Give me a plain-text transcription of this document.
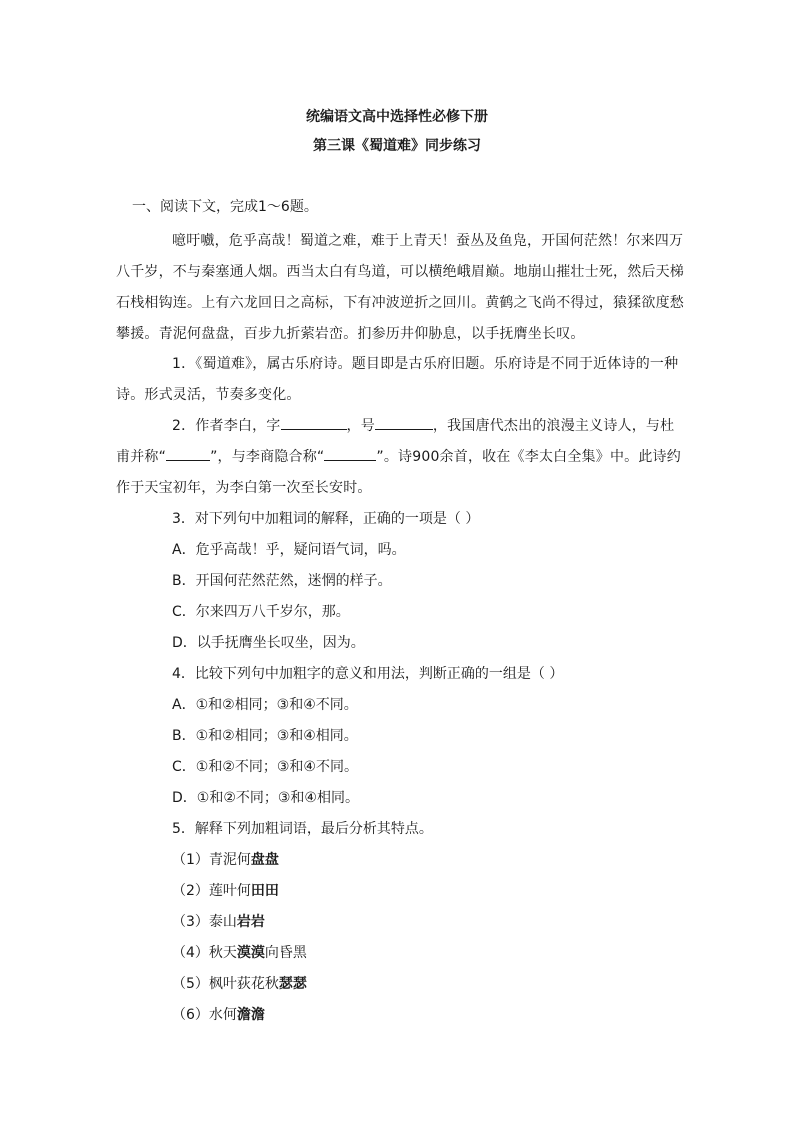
统编语文高中选择性必修下册
第三课《蜀道难》同步练习
一、阅读下文，完成1～6题。
噫吁嚱，危乎高哉！蜀道之难，难于上青天！蚕丛及鱼凫，开国何茫然！尔来四万八千岁，不与秦塞通人烟。西当太白有鸟道，可以横绝峨眉巅。地崩山摧壮士死，然后天梯石栈相钩连。上有六龙回日之高标，下有冲波逆折之回川。黄鹤之飞尚不得过，猿猱欲度愁攀援。青泥何盘盘，百步九折萦岩峦。扪参历井仰胁息，以手抚膺坐长叹。
1．《蜀道难》，属古乐府诗。题目即是古乐府旧题。乐府诗是不同于近体诗的一种诗。形式灵活，节奏多变化。
2．作者李白，字	，号	，我国唐代杰出的浪漫主义诗人，与杜甫并称“	”，与李商隐合称“	”。诗900余首，收在《李太白全集》中。此诗约作于天宝初年，为李白第一次至长安时。
3．对下列句中加粗词的解释，正确的一项是（ ）
A．危乎高哉！乎，疑问语气词，吗。
B．开国何茫然茫然，迷惘的样子。
C．尔来四万八千岁尔，那。
D．以手抚膺坐长叹坐，因为。
4．比较下列句中加粗字的意义和用法，判断正确的一组是（ ）
A．①和②相同；③和④不同。
B．①和②相同；③和④相同。
C．①和②不同；③和④不同。
D．①和②不同；③和④相同。
5．解释下列加粗词语，最后分析其特点。
（1）青泥何盘盘
（2）莲叶何田田
（3）泰山岩岩
（4）秋天漠漠向昏黑
（5）枫叶荻花秋瑟瑟
（6）水何澹澹
